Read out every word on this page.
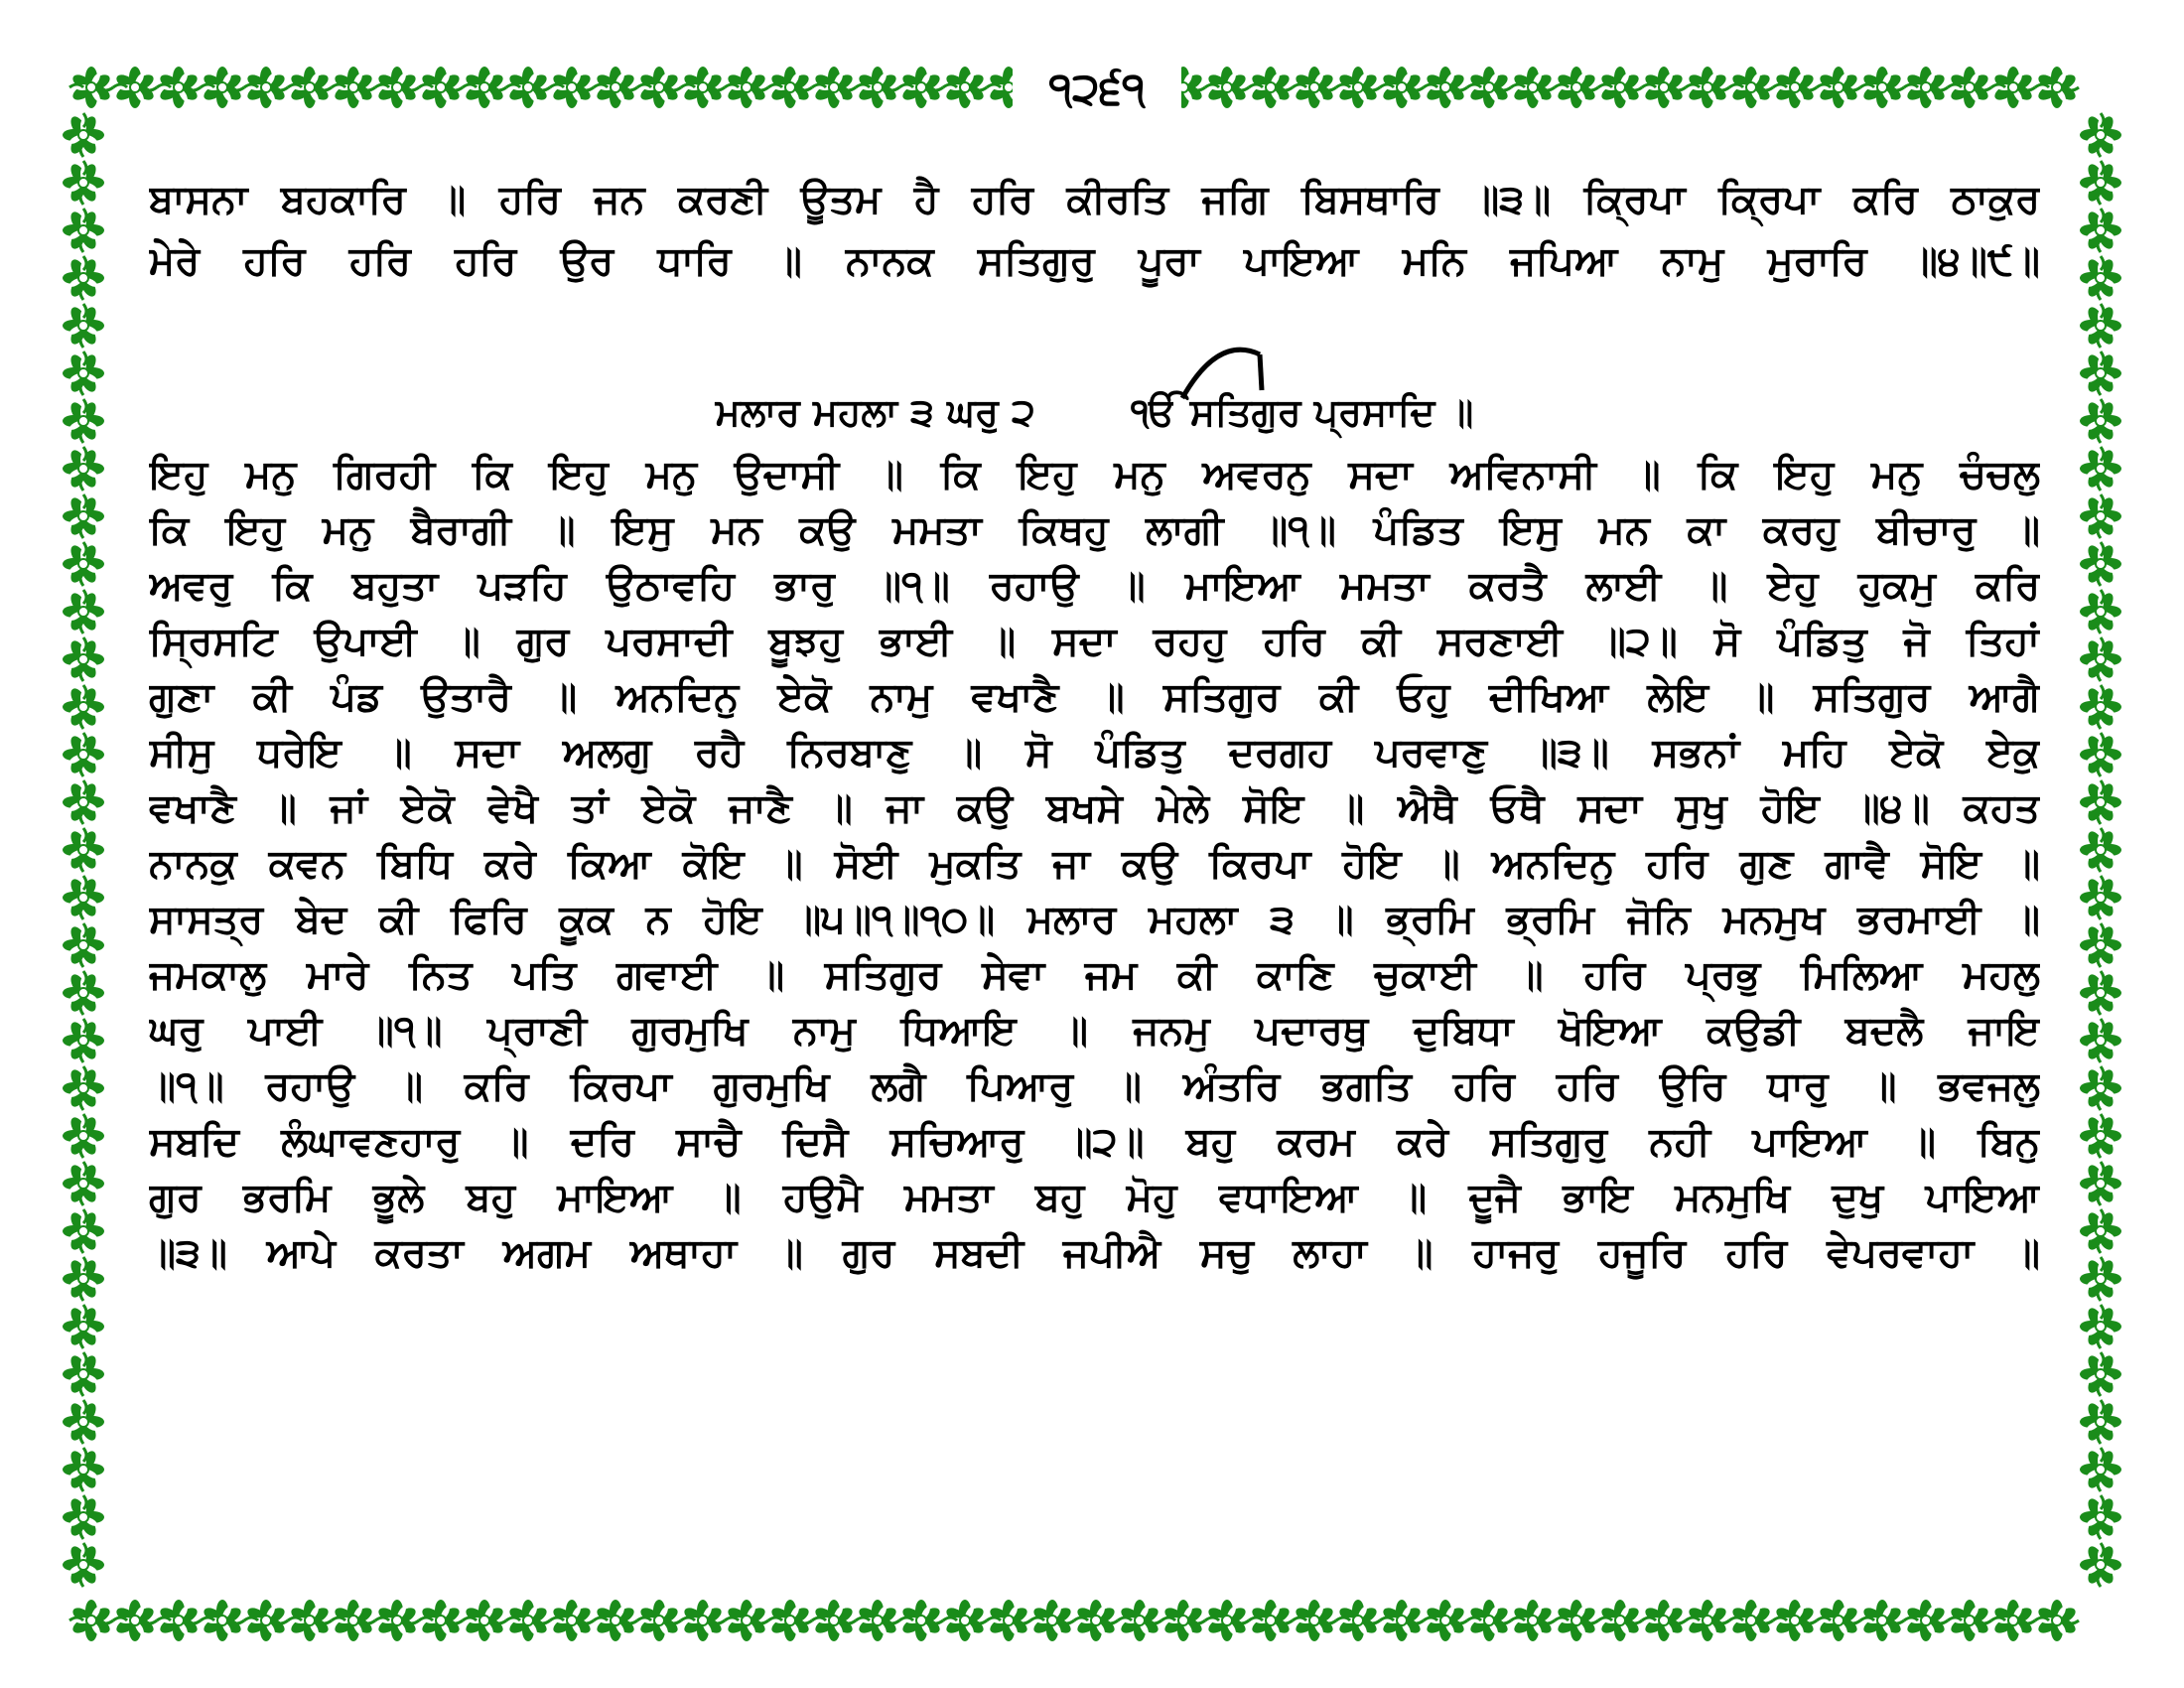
੧੨੬੧
ਬਾਸਨਾ ਬਹਕਾਰਿ ॥ ਹਰਿ ਜਨ ਕਰਣੀ ਊਤਮ ਹੈ ਹਰਿ ਕੀਰਤਿ ਜਗਿ ਬਿਸਥਾਰਿ ॥੩॥ ਕ੍ਰਿਪਾ ਕ੍ਰਿਪਾ ਕਰਿ ਠਾਕੁਰ
ਮੇਰੇ ਹਰਿ ਹਰਿ ਹਰਿ ਉਰ ਧਾਰਿ ॥ ਨਾਨਕ ਸਤਿਗੁਰੁ ਪੂਰਾ ਪਾਇਆ ਮਨਿ ਜਪਿਆ ਨਾਮੁ ਮੁਰਾਰਿ ॥੪॥੯॥
ਮਲਾਰ ਮਹਲਾ ੩ ਘਰੁ ੨	ੴ ਸਤਿਗੁਰ ਪ੍ਰਸਾਦਿ ॥
ਇਹੁ ਮਨੁ ਗਿਰਹੀ ਕਿ ਇਹੁ ਮਨੁ ਉਦਾਸੀ ॥ ਕਿ ਇਹੁ ਮਨੁ ਅਵਰਨੁ ਸਦਾ ਅਵਿਨਾਸੀ ॥ ਕਿ ਇਹੁ ਮਨੁ ਚੰਚਲੁ
ਕਿ ਇਹੁ ਮਨੁ ਬੈਰਾਗੀ ॥ ਇਸੁ ਮਨ ਕਉ ਮਮਤਾ ਕਿਥਹੁ ਲਾਗੀ ॥੧॥ ਪੰਡਿਤ ਇਸੁ ਮਨ ਕਾ ਕਰਹੁ ਬੀਚਾਰੁ ॥
ਅਵਰੁ ਕਿ ਬਹੁਤਾ ਪੜਹਿ ਉਠਾਵਹਿ ਭਾਰੁ ॥੧॥ ਰਹਾਉ ॥ ਮਾਇਆ ਮਮਤਾ ਕਰਤੈ ਲਾਈ ॥ ਏਹੁ ਹੁਕਮੁ ਕਰਿ
ਸ੍ਰਿਸਟਿ ਉਪਾਈ ॥ ਗੁਰ ਪਰਸਾਦੀ ਬੂਝਹੁ ਭਾਈ ॥ ਸਦਾ ਰਹਹੁ ਹਰਿ ਕੀ ਸਰਣਾਈ ॥੨॥ ਸੋ ਪੰਡਿਤੁ ਜੋ ਤਿਹਾਂ
ਗੁਣਾ ਕੀ ਪੰਡ ਉਤਾਰੈ ॥ ਅਨਦਿਨੁ ਏਕੋ ਨਾਮੁ ਵਖਾਣੈ ॥ ਸਤਿਗੁਰ ਕੀ ਓਹੁ ਦੀਖਿਆ ਲੇਇ ॥ ਸਤਿਗੁਰ ਆਗੈ
ਸੀਸੁ ਧਰੇਇ ॥ ਸਦਾ ਅਲਗੁ ਰਹੈ ਨਿਰਬਾਣੁ ॥ ਸੋ ਪੰਡਿਤੁ ਦਰਗਹ ਪਰਵਾਣੁ ॥੩॥ ਸਭਨਾਂ ਮਹਿ ਏਕੋ ਏਕੁ
ਵਖਾਣੈ ॥ ਜਾਂ ਏਕੋ ਵੇਖੈ ਤਾਂ ਏਕੋ ਜਾਣੈ ॥ ਜਾ ਕਉ ਬਖਸੇ ਮੇਲੇ ਸੋਇ ॥ ਐਥੈ ਓਥੈ ਸਦਾ ਸੁਖੁ ਹੋਇ ॥੪॥ ਕਹਤ
ਨਾਨਕੁ ਕਵਨ ਬਿਧਿ ਕਰੇ ਕਿਆ ਕੋਇ ॥ ਸੋਈ ਮੁਕਤਿ ਜਾ ਕਉ ਕਿਰਪਾ ਹੋਇ ॥ ਅਨਦਿਨੁ ਹਰਿ ਗੁਣ ਗਾਵੈ ਸੋਇ ॥
ਸਾਸਤ੍ਰ ਬੇਦ ਕੀ ਫਿਰਿ ਕੂਕ ਨ ਹੋਇ ॥੫॥੧॥੧੦॥ ਮਲਾਰ ਮਹਲਾ ੩ ॥ ਭ੍ਰਮਿ ਭ੍ਰਮਿ ਜੋਨਿ ਮਨਮੁਖ ਭਰਮਾਈ ॥
ਜਮਕਾਲੁ ਮਾਰੇ ਨਿਤ ਪਤਿ ਗਵਾਈ ॥ ਸਤਿਗੁਰ ਸੇਵਾ ਜਮ ਕੀ ਕਾਣਿ ਚੁਕਾਈ ॥ ਹਰਿ ਪ੍ਰਭੁ ਮਿਲਿਆ ਮਹਲੁ
ਘਰੁ ਪਾਈ ॥੧॥ ਪ੍ਰਾਣੀ ਗੁਰਮੁਖਿ ਨਾਮੁ ਧਿਆਇ ॥ ਜਨਮੁ ਪਦਾਰਥੁ ਦੁਬਿਧਾ ਖੋਇਆ ਕਉਡੀ ਬਦਲੈ ਜਾਇ
॥੧॥ ਰਹਾਉ ॥ ਕਰਿ ਕਿਰਪਾ ਗੁਰਮੁਖਿ ਲਗੈ ਪਿਆਰੁ ॥ ਅੰਤਰਿ ਭਗਤਿ ਹਰਿ ਹਰਿ ਉਰਿ ਧਾਰੁ ॥ ਭਵਜਲੁ
ਸਬਦਿ ਲੰਘਾਵਣਹਾਰੁ ॥ ਦਰਿ ਸਾਚੈ ਦਿਸੈ ਸਚਿਆਰੁ ॥੨॥ ਬਹੁ ਕਰਮ ਕਰੇ ਸਤਿਗੁਰੁ ਨਹੀ ਪਾਇਆ ॥ ਬਿਨੁ
ਗੁਰ ਭਰਮਿ ਭੂਲੇ ਬਹੁ ਮਾਇਆ ॥ ਹਉਮੈ ਮਮਤਾ ਬਹੁ ਮੋਹੁ ਵਧਾਇਆ ॥ ਦੂਜੈ ਭਾਇ ਮਨਮੁਖਿ ਦੁਖੁ ਪਾਇਆ
॥੩॥ ਆਪੇ ਕਰਤਾ ਅਗਮ ਅਥਾਹਾ ॥ ਗੁਰ ਸਬਦੀ ਜਪੀਐ ਸਚੁ ਲਾਹਾ ॥ ਹਾਜਰੁ ਹਜੂਰਿ ਹਰਿ ਵੇਪਰਵਾਹਾ ॥
